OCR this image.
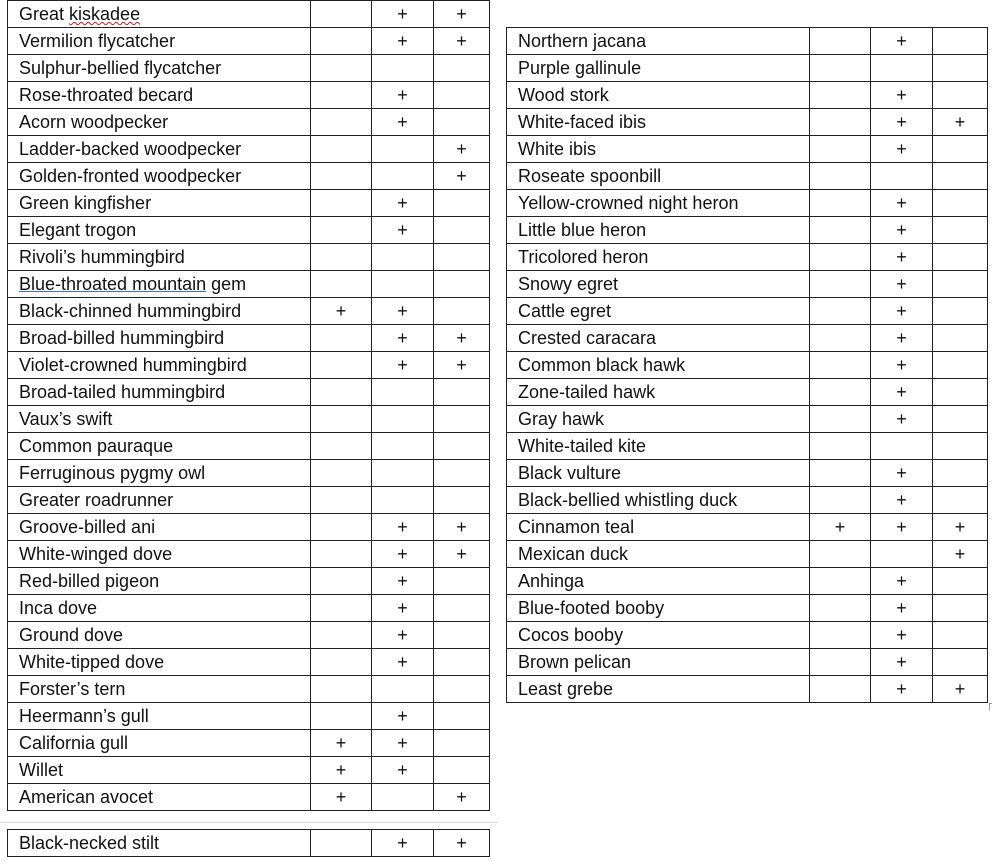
Great kiskadee		+	+
Vermilion flycatcher		+	+
Sulphur-bellied flycatcher			
Rose-throated becard		+	
Acorn woodpecker		+	
Ladder-backed woodpecker			+
Golden-fronted woodpecker			+
Green kingfisher		+	
Elegant trogon		+	
Rivoli’s hummingbird			
Blue-throated mountain gem			
Black-chinned hummingbird	+	+	
Broad-billed hummingbird		+	+
Violet-crowned hummingbird		+	+
Broad-tailed hummingbird			
Vaux’s swift			
Common pauraque			
Ferruginous pygmy owl			
Greater roadrunner			
Groove-billed ani		+	+
White-winged dove		+	+
Red-billed pigeon		+	
Inca dove		+	
Ground dove		+	
White-tipped dove		+	
Forster’s tern			
Heermann’s gull		+	
California gull	+	+	
Willet	+	+	
American avocet	+		+
Northern jacana		+	
Purple gallinule			
Wood stork		+	
White-faced ibis		+	+
White ibis		+	
Roseate spoonbill			
Yellow-crowned night heron		+	
Little blue heron		+	
Tricolored heron		+	
Snowy egret		+	
Cattle egret		+	
Crested caracara		+	
Common black hawk		+	
Zone-tailed hawk		+	
Gray hawk		+	
White-tailed kite			
Black vulture		+	
Black-bellied whistling duck		+	
Cinnamon teal	+	+	+
Mexican duck			+
Anhinga		+	
Blue-footed booby		+	
Cocos booby		+	
Brown pelican		+	
Least grebe		+	+
Black-necked stilt		+	+
